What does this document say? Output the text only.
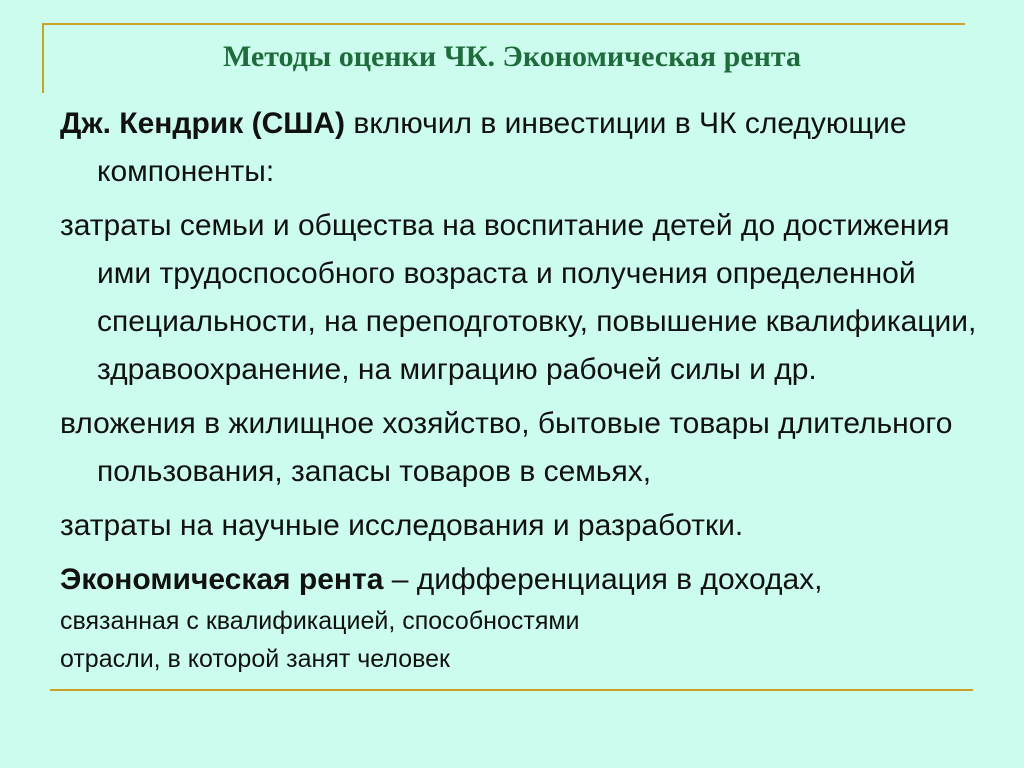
Методы оценки ЧК. Экономическая рента

Дж. Кендрик (США) включил в инвестиции в ЧК следующие компоненты:

затраты семьи и общества на воспитание детей до достижения ими трудоспособного возраста и получения определенной специальности, на переподготовку, повышение квалификации, здравоохранение, на миграцию рабочей силы и др.

вложения в жилищное хозяйство, бытовые товары длительного пользования, запасы товаров в семьях,

затраты на научные исследования и разработки.

Экономическая рента – дифференциация в доходах,
связанная с квалификацией, способностями
отрасли, в которой занят человек
